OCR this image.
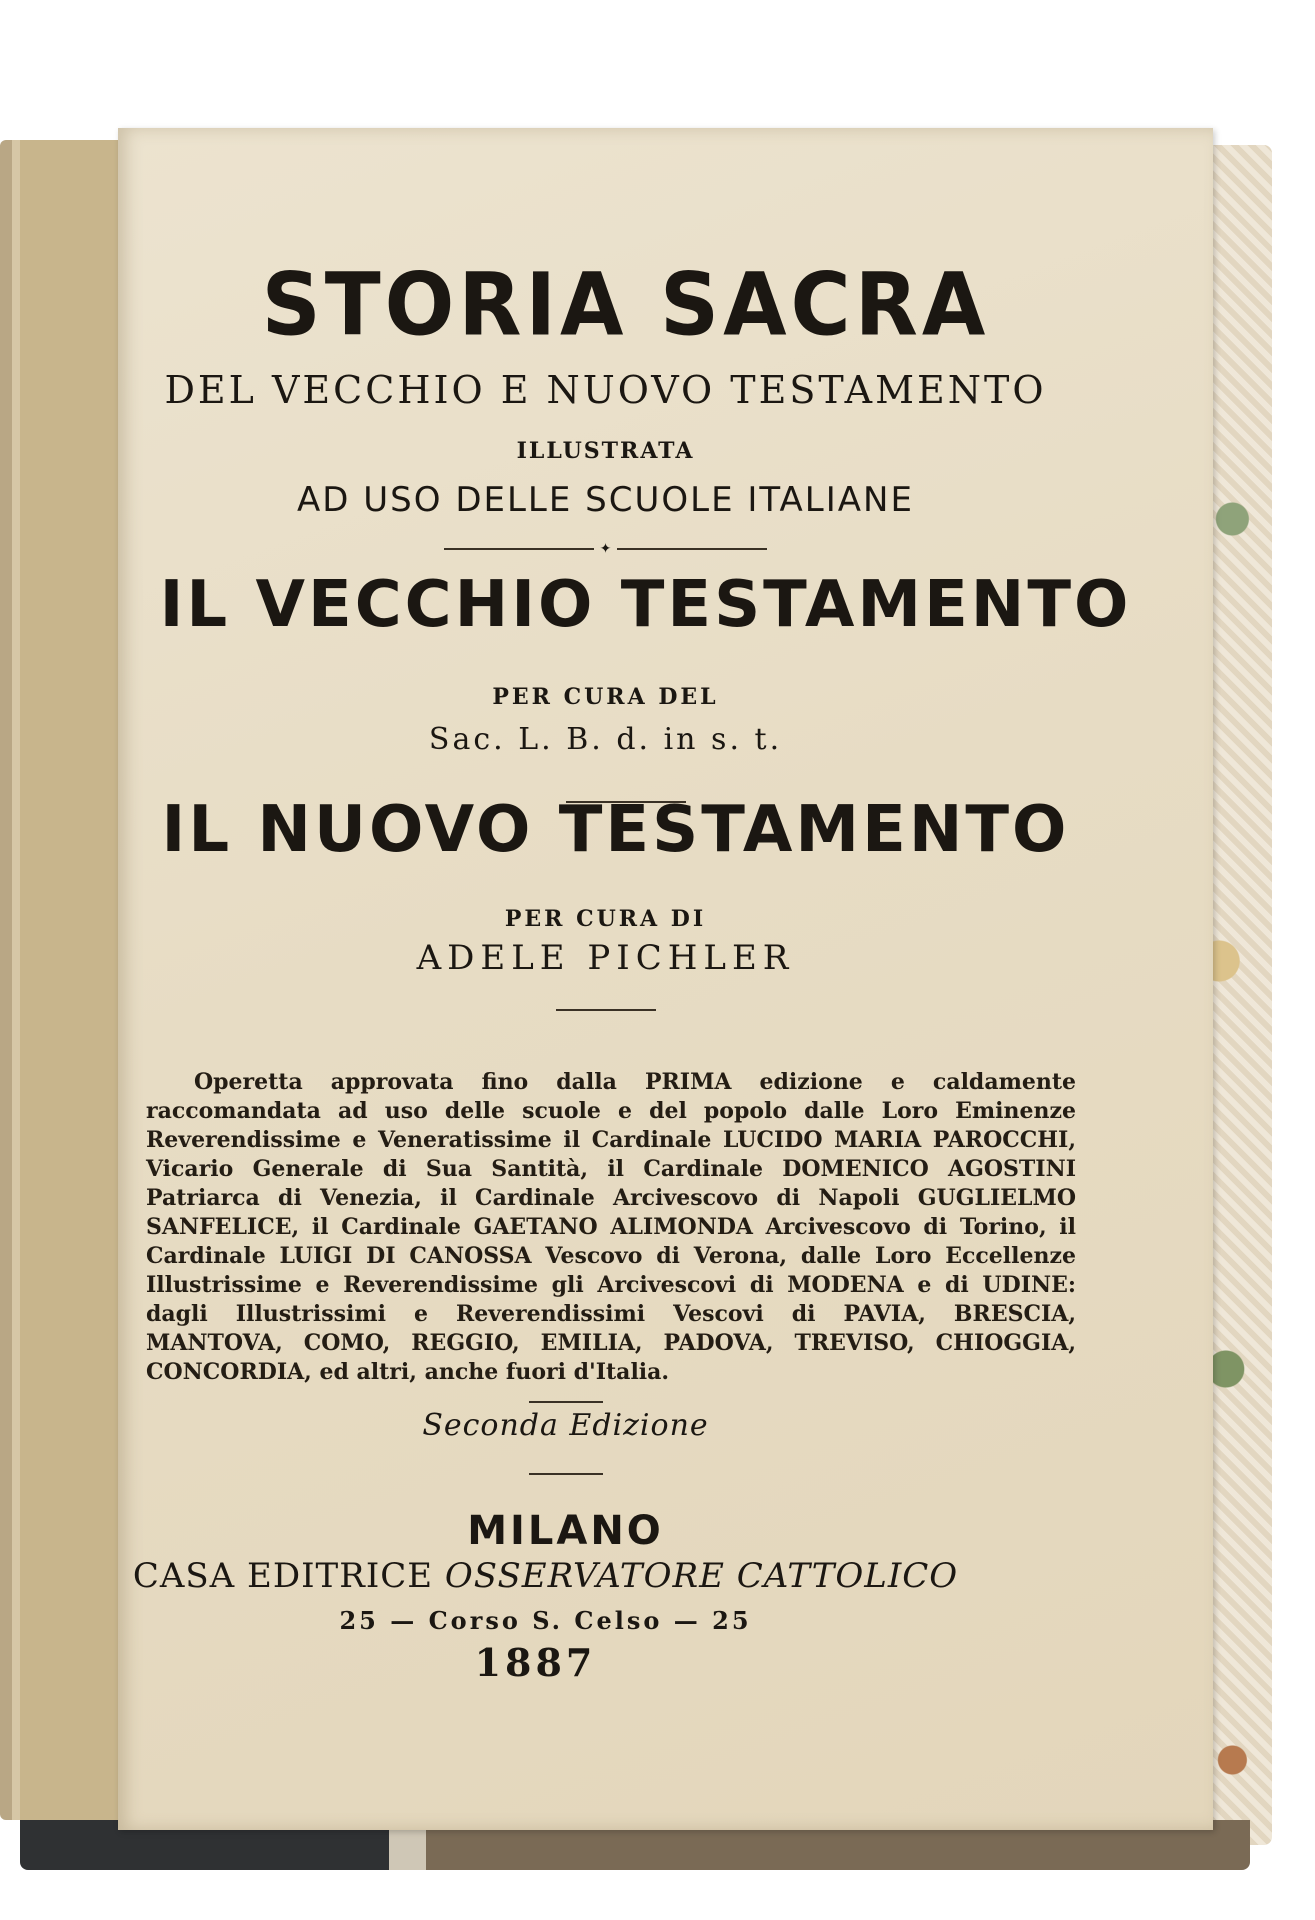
STORIA SACRA
DEL VECCHIO E NUOVO TESTAMENTO
ILLUSTRATA
AD USO DELLE SCUOLE ITALIANE
✦
IL VECCHIO TESTAMENTO
PER CURA DEL
Sac. L. B. d. in s. t.
IL NUOVO TESTAMENTO
PER CURA DI
ADELE PICHLER
Operetta approvata fino dalla PRIMA edizione e caldamente raccomandata ad uso delle scuole e del popolo dalle Loro Eminenze Reverendissime e Veneratissime il Cardinale LUCIDO MARIA PAROCCHI, Vicario Generale di Sua Santità, il Cardinale DOMENICO AGOSTINI Patriarca di Venezia, il Cardinale Arcivescovo di Napoli GUGLIELMO SANFELICE, il Cardinale GAETANO ALIMONDA Arcivescovo di Torino, il Cardinale LUIGI DI CANOSSA Vescovo di Verona, dalle Loro Eccellenze Illustrissime e Reverendissime gli Arcivescovi di MODENA e di UDINE: dagli Illustrissimi e Reverendissimi Vescovi di PAVIA, BRESCIA, MANTOVA, COMO, REGGIO, EMILIA, PADOVA, TREVISO, CHIOGGIA, CONCORDIA, ed altri, anche fuori d'Italia.
Seconda Edizione
MILANO
CASA EDITRICE OSSERVATORE CATTOLICO
25 — Corso S. Celso — 25
1887
